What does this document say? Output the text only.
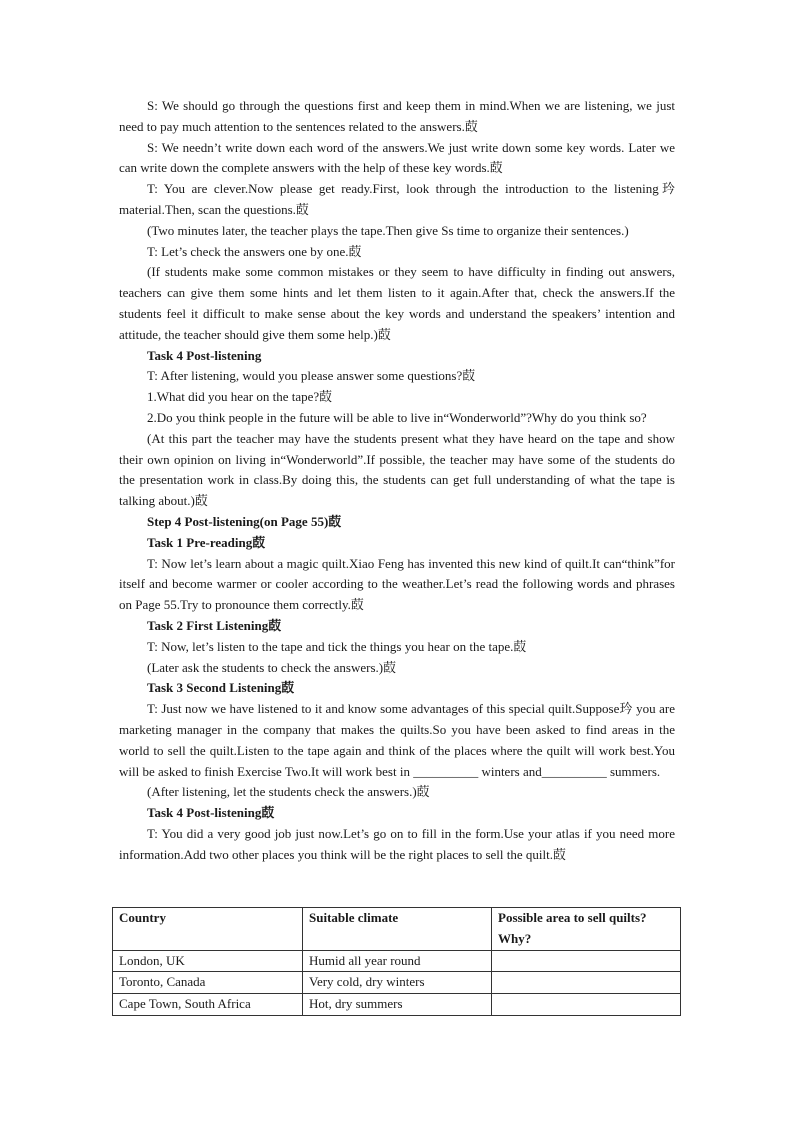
S: We should go through the questions first and keep them in mind.When we are listening, we just need to pay much attention to the sentences related to the answers.菣

S: We needn’t write down each word of the answers.We just write down some key words. Later we can write down the complete answers with the help of these key words.菣

T: You are clever.Now please get ready.First, look through the introduction to the listening玪 material.Then, scan the questions.菣

(Two minutes later, the teacher plays the tape.Then give Ss time to organize their sentences.)

T: Let’s check the answers one by one.菣

(If students make some common mistakes or they seem to have difficulty in finding out answers, teachers can give them some hints and let them listen to it again.After that, check the answers.If the students feel it difficult to make sense about the key words and understand the speakers’ intention and attitude, the teacher should give them some help.)菣

Task 4 Post-listening

T: After listening, would you please answer some questions?菣

1.What did you hear on the tape?菣

2.Do you think people in the future will be able to live in“Wonderworld”?Why do you think so?

(At this part the teacher may have the students present what they have heard on the tape and show their own opinion on living in“Wonderworld”.If possible, the teacher may have some of the students do the presentation work in class.By doing this, the students can get full understanding of what the tape is talking about.)菣

Step 4 Post-listening(on Page 55)菣

Task 1 Pre-reading菣

T: Now let’s learn about a magic quilt.Xiao Feng has invented this new kind of quilt.It can“think”for itself and become warmer or cooler according to the weather.Let’s read the following words and phrases on Page 55.Try to pronounce them correctly.菣

Task 2 First Listening菣

T: Now, let’s listen to the tape and tick the things you hear on the tape.菣

(Later ask the students to check the answers.)菣

Task 3 Second Listening菣

T: Just now we have listened to it and know some advantages of this special quilt.Suppose玪 you are marketing manager in the company that makes the quilts.So you have been asked to find areas in the world to sell the quilt.Listen to the tape again and think of the places where the quilt will work best.You will be asked to finish Exercise Two.It will work best in __________ winters and__________ summers.

(After listening, let the students check the answers.)菣

Task 4 Post-listening菣

T: You did a very good job just now.Let’s go on to fill in the form.Use your atlas if you need more information.Add two other places you think will be the right places to sell the quilt.菣

Country	Suitable climate	Possible area to sell quilts?Why?
London, UK	Humid all year round	
Toronto, Canada	Very cold, dry winters	
Cape Town, South Africa	Hot, dry summers	
